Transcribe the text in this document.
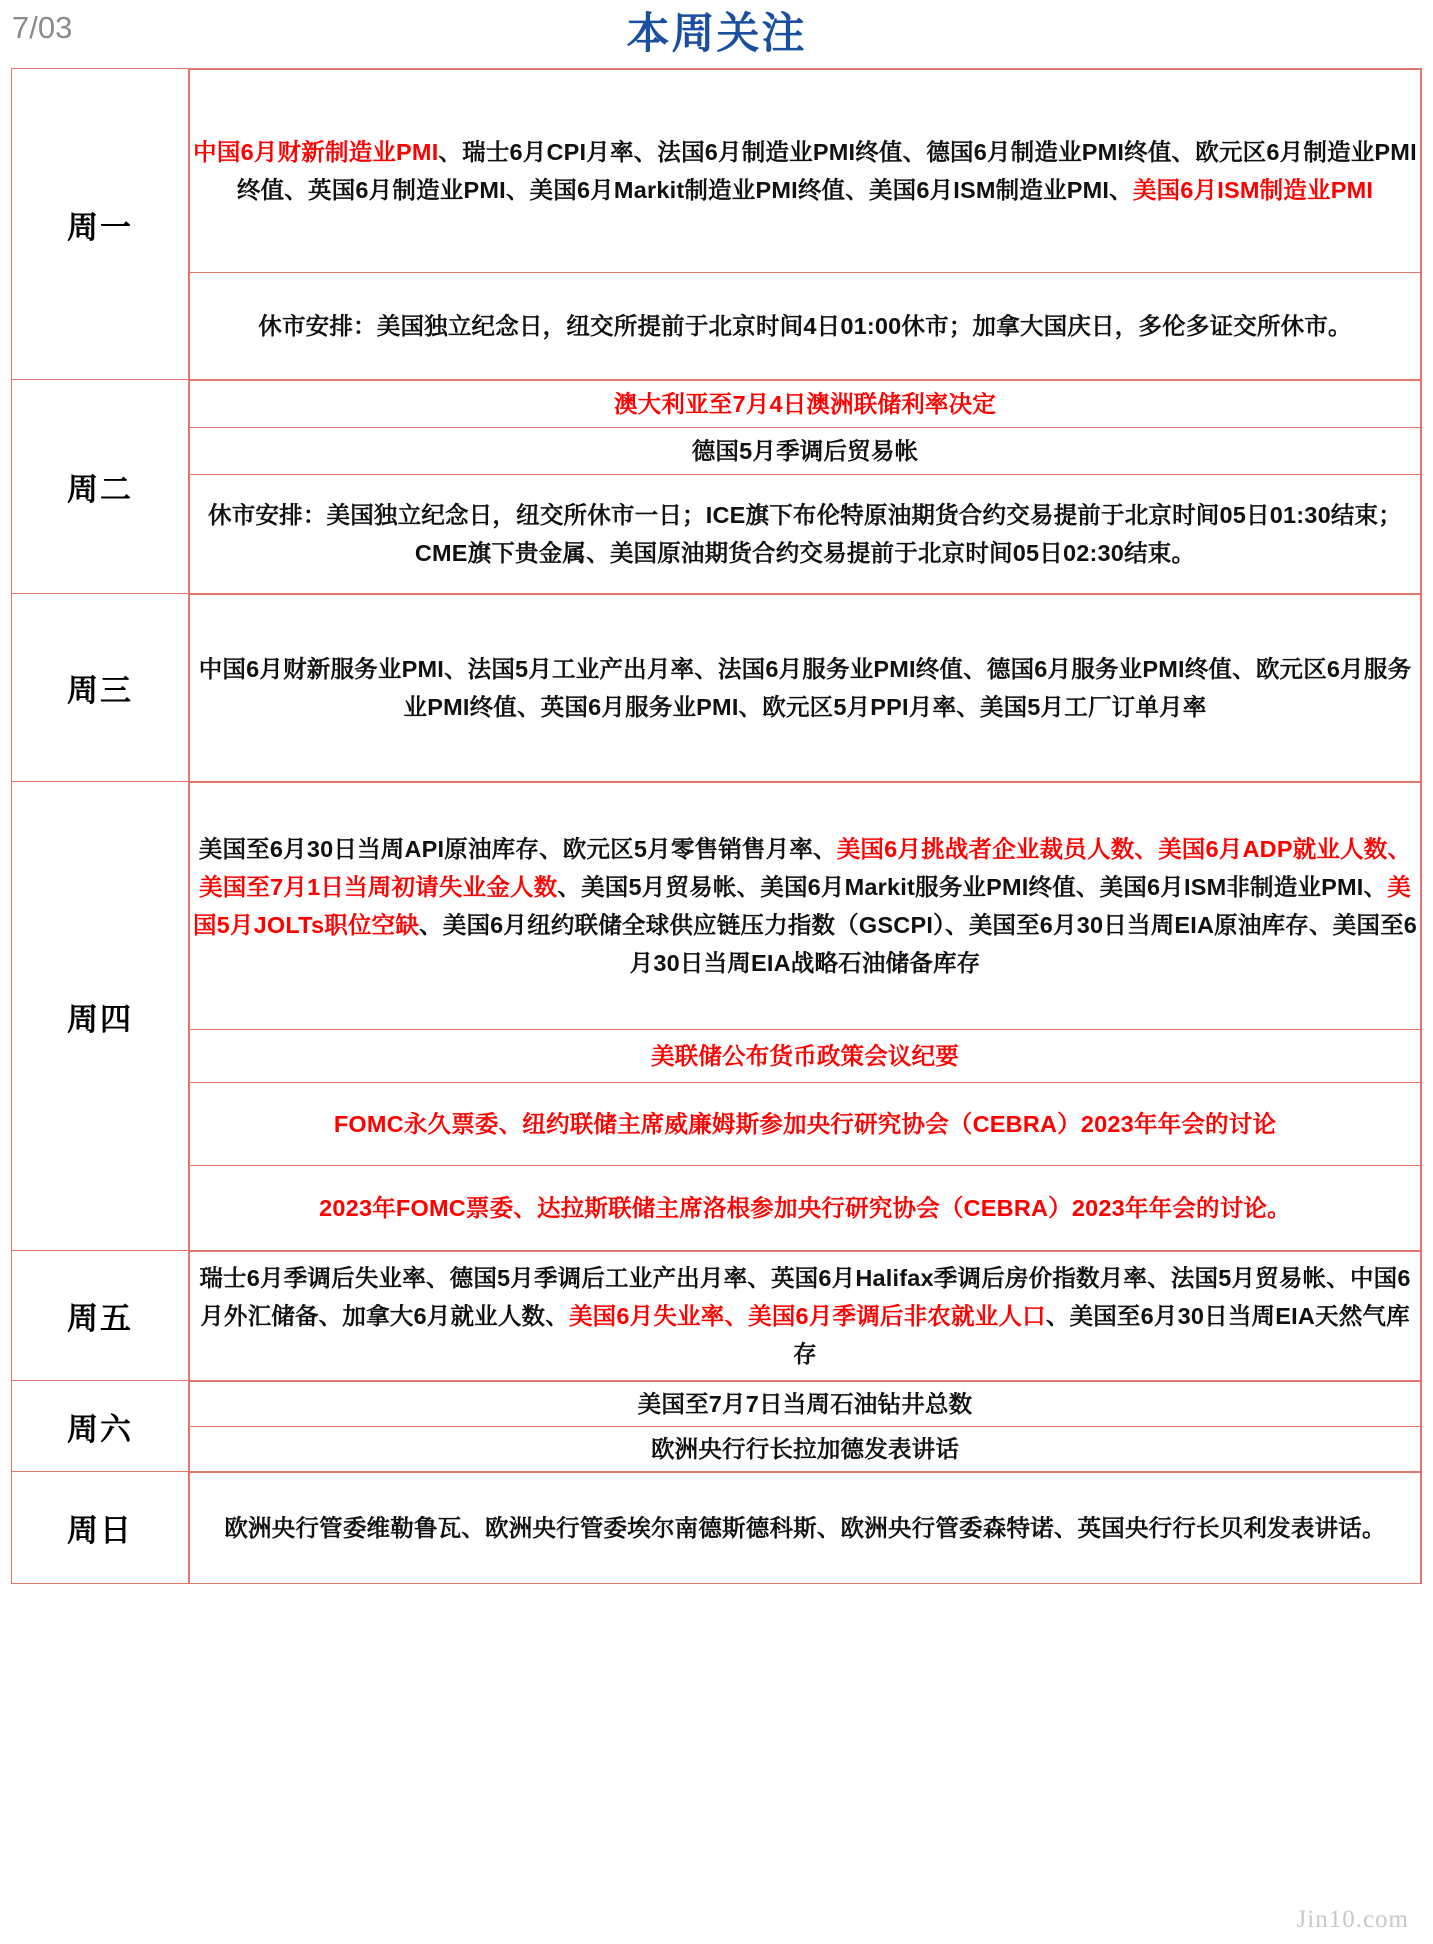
7/03	本周关注
周一	
中国6月财新制造业PMI、瑞士6月CPI月率、法国6月制造业PMI终值、德国6月制造业PMI终值、欧元区6月制造业PMI终值、英国6月制造业PMI、美国6月Markit制造业PMI终值、美国6月ISM制造业PMI、美国6月ISM制造业PMI
休市安排：美国独立纪念日，纽交所提前于北京时间4日01:00休市；加拿大国庆日，多伦多证交所休市。

周二	
澳大利亚至7月4日澳洲联储利率决定
德国5月季调后贸易帐
休市安排：美国独立纪念日，纽交所休市一日；ICE旗下布伦特原油期货合约交易提前于北京时间05日01:30结束；CME旗下贵金属、美国原油期货合约交易提前于北京时间05日02:30结束。

周三	
中国6月财新服务业PMI、法国5月工业产出月率、法国6月服务业PMI终值、德国6月服务业PMI终值、欧元区6月服务业PMI终值、英国6月服务业PMI、欧元区5月PPI月率、美国5月工厂订单月率

周四	
美国至6月30日当周API原油库存、欧元区5月零售销售月率、美国6月挑战者企业裁员人数、美国6月ADP就业人数、美国至7月1日当周初请失业金人数、美国5月贸易帐、美国6月Markit服务业PMI终值、美国6月ISM非制造业PMI、美国5月JOLTs职位空缺、美国6月纽约联储全球供应链压力指数（GSCPI）、美国至6月30日当周EIA原油库存、美国至6月30日当周EIA战略石油储备库存
美联储公布货币政策会议纪要
FOMC永久票委、纽约联储主席威廉姆斯参加央行研究协会（CEBRA）2023年年会的讨论
2023年FOMC票委、达拉斯联储主席洛根参加央行研究协会（CEBRA）2023年年会的讨论。

周五	
瑞士6月季调后失业率、德国5月季调后工业产出月率、英国6月Halifax季调后房价指数月率、法国5月贸易帐、中国6月外汇储备、加拿大6月就业人数、美国6月失业率、美国6月季调后非农就业人口、美国至6月30日当周EIA天然气库存

周六	
美国至7月7日当周石油钻井总数
欧洲央行行长拉加德发表讲话

周日		欧洲央行管委维勒鲁瓦、欧洲央行管委埃尔南德斯德科斯、欧洲央行管委森特诺、英国央行行长贝利发表讲话。
Jin10.com
